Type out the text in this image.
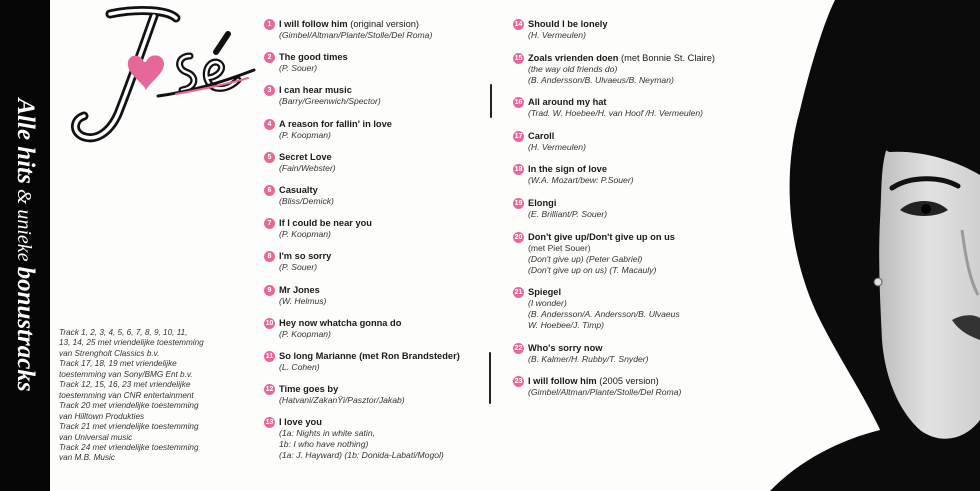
Alle hits & unieke bonustracks Track 1, 2, 3, 4, 5, 6, 7, 8, 9, 10, 11,
13, 14, 25 met vriendelijke toestemming
van Strengholt Classics b.v.
Track 17, 18, 19 met vriendelijke
toestemming van Sony/BMG Ent b.v.
Track 12, 15, 16, 23 met vriendelijke
toestemming van CNR entertainment
Track 20 met vriendelijke toestemming
van Hilltown Produkties
Track 21 met vriendelijke toestemming
van Universal music
Track 24 met vriendelijke toestemming
van M.B. Music
1 I will follow him (original version)
(Gimbel/Altman/Plante/Stolle/Del Roma)
2 The good times
(P. Souer)
3 I can hear music
(Barry/Greenwich/Spector)
4 A reason for fallin' in love
(P. Koopman)
5 Secret Love
(Fain/Webster)
6 Casualty
(Bliss/Demick)
7 If I could be near you
(P. Koopman)
8 I'm so sorry
(P. Souer)
9 Mr Jones
(W. Helmus)
10 Hey now whatcha gonna do
(P. Koopman)
11 So long Marianne (met Ron Brandsteder)
(L. Cohen)
12 Time goes by
(Hatvani/ZakanŸi/Pasztor/Jakab)
13 I love you
(1a: Nights in white satin,
1b: I who have nothing)
(1a: J. Hayward) (1b: Donida-Labati/Mogol)
14 Should I be lonely
(H. Vermeulen)
15 Zoals vrienden doen (met Bonnie St. Claire)
(the way old friends do)
(B. Andersson/B. Ulvaeus/B. Neyman)
16 All around my hat
(Trad. W. Hoebee/H. van Hoof /H. Vermeulen)
17 Caroll
(H. Vermeulen)
18 In the sign of love
(W.A. Mozart/bew: P.Souer)
19 Elongi
(E. Brilliant/P. Souer)
20 Don't give up/Don't give up on us
(met Piet Souer)
(Don't give up) (Peter Gabriel)
(Don't give up on us) (T. Macauly)
21 Spiegel
(I wonder)
(B. Andersson/A. Andersson/B. Ulvaeus
W. Hoebee/J. Timp)
22 Who's sorry now
(B. Kalmer/H. Rubby/T. Snyder)
23 I will follow him (2005 version)
(Gimbel/Altman/Plante/Stolle/Del Roma)
